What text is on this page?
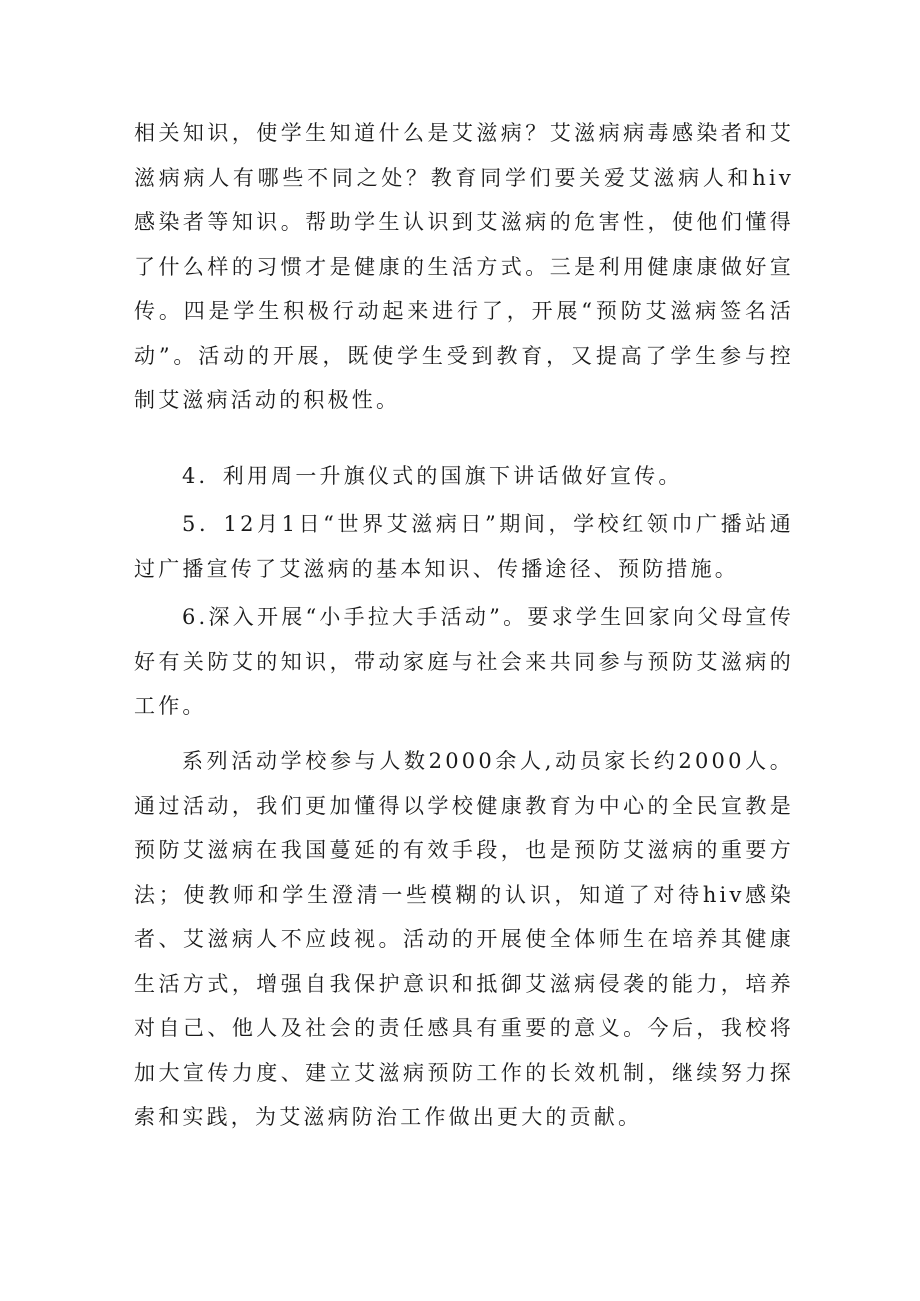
相关知识，使学生知道什么是艾滋病？艾滋病病毒感染者和艾滋病病人有哪些不同之处？教育同学们要关爱艾滋病人和hiv感染者等知识。帮助学生认识到艾滋病的危害性，使他们懂得了什么样的习惯才是健康的生活方式。三是利用健康康做好宣传。四是学生积极行动起来进行了，开展“预防艾滋病签名活动”。活动的开展，既使学生受到教育，又提高了学生参与控制艾滋病活动的积极性。

4．利用周一升旗仪式的国旗下讲话做好宣传。

5．12月1日“世界艾滋病日”期间，学校红领巾广播站通过广播宣传了艾滋病的基本知识、传播途径、预防措施。

6.深入开展“小手拉大手活动”。要求学生回家向父母宣传好有关防艾的知识，带动家庭与社会来共同参与预防艾滋病的工作。

系列活动学校参与人数2000余人,动员家长约2000人。通过活动，我们更加懂得以学校健康教育为中心的全民宣教是预防艾滋病在我国蔓延的有效手段，也是预防艾滋病的重要方法；使教师和学生澄清一些模糊的认识，知道了对待hiv感染者、艾滋病人不应歧视。活动的开展使全体师生在培养其健康生活方式，增强自我保护意识和抵御艾滋病侵袭的能力，培养对自己、他人及社会的责任感具有重要的意义。今后，我校将加大宣传力度、建立艾滋病预防工作的长效机制，继续努力探索和实践，为艾滋病防治工作做出更大的贡献。
